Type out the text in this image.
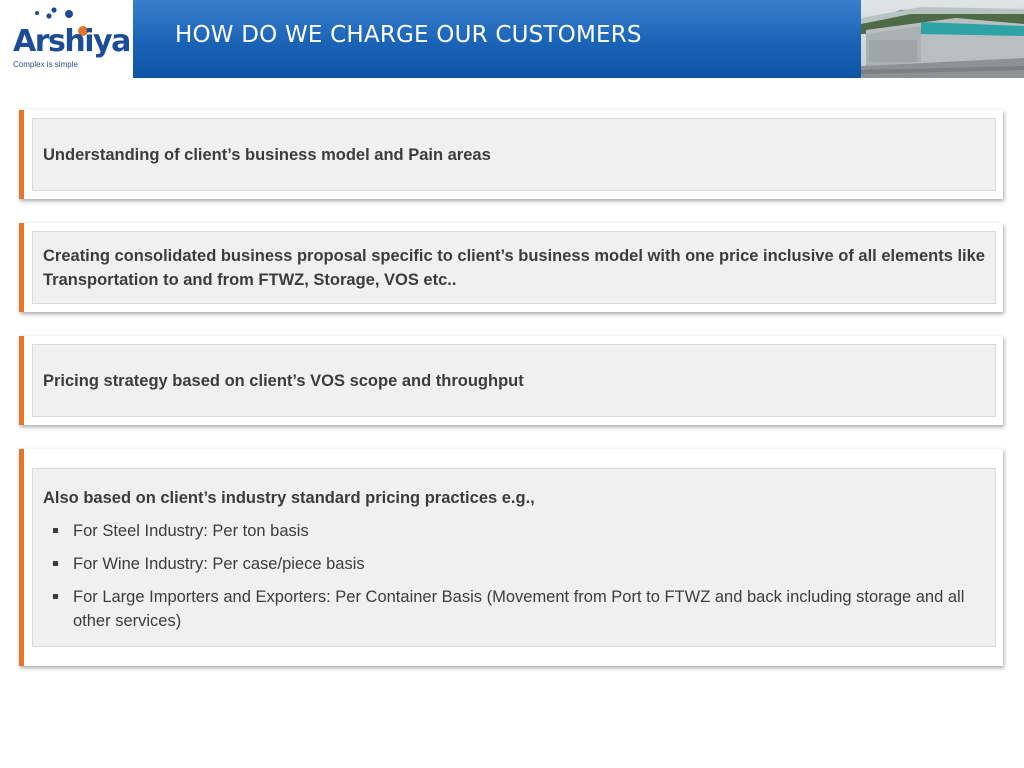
Arshiya
Complex is simple
HOW DO WE CHARGE OUR CUSTOMERS
Understanding of client’s business model and Pain areas
Creating consolidated business proposal specific to client’s business model with one price inclusive of all elements like Transportation to and from FTWZ, Storage, VOS etc..
Pricing strategy based on client’s VOS scope and throughput
Also based on client’s industry standard pricing practices e.g.,
For Steel Industry: Per ton basis
For Wine Industry: Per case/piece basis
For Large Importers and Exporters: Per Container Basis (Movement from Port to FTWZ and back including storage and all other services)
